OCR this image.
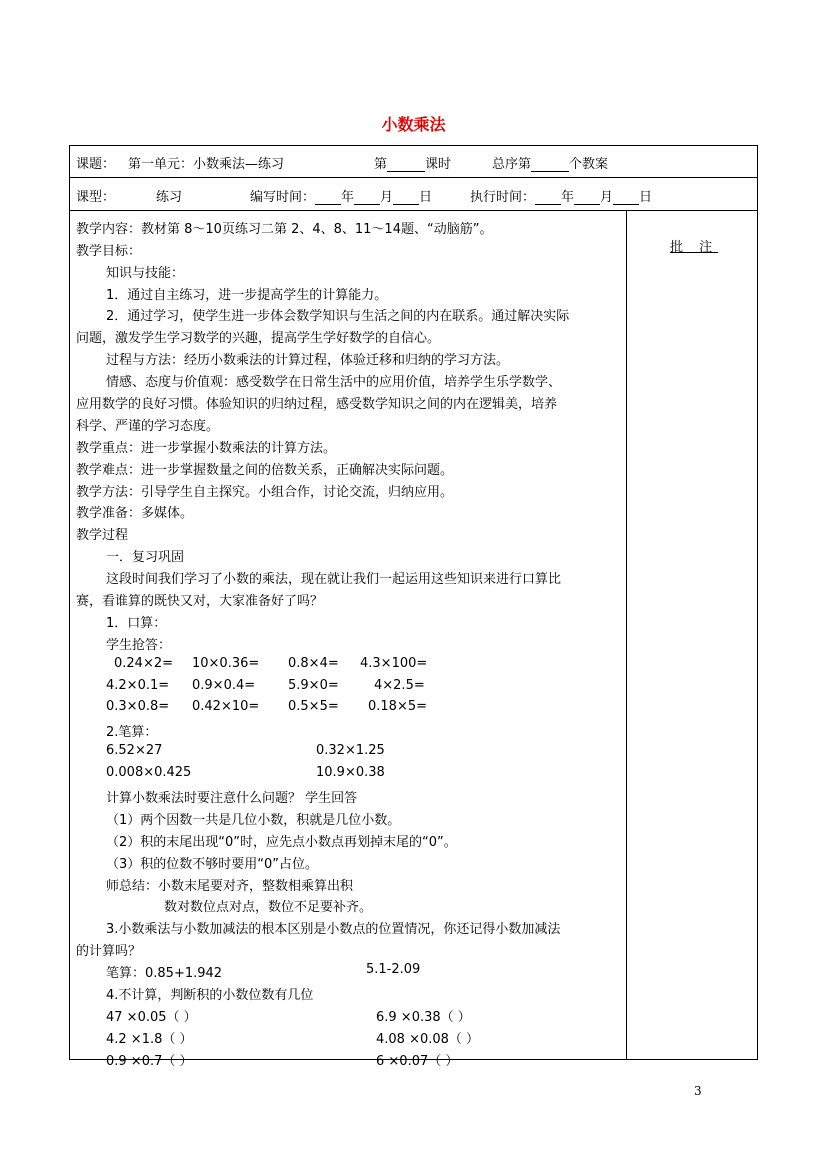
小数乘法
课题： 第一单元：小数乘法—练习	第	课时	总序第	个教案
课型：	练习	编写时间： 年 月 日	执行时间： 年 月 日
批 注
教学内容：教材第 8～10页练习二第 2、4、8、11～14题、“动脑筋”。
教学目标：
知识与技能：
1．通过自主练习，进一步提高学生的计算能力。
2．通过学习，使学生进一步体会数学知识与生活之间的内在联系。通过解决实际
问题，激发学生学习数学的兴趣，提高学生学好数学的自信心。
过程与方法：经历小数乘法的计算过程，体验迁移和归纳的学习方法。
情感、态度与价值观：感受数学在日常生活中的应用价值，培养学生乐学数学、
应用数学的良好习惯。体验知识的归纳过程，感受数学知识之间的内在逻辑美，培养
科学、严谨的学习态度。
教学重点：进一步掌握小数乘法的计算方法。
教学难点：进一步掌握数量之间的倍数关系，正确解决实际问题。
教学方法：引导学生自主探究。小组合作，讨论交流，归纳应用。
教学准备：多媒体。
教学过程
一．复习巩固
这段时间我们学习了小数的乘法，现在就让我们一起运用这些知识来进行口算比
赛，看谁算的既快又对，大家准备好了吗？
1．口算：
学生抢答：
0.24×2= 10×0.36= 0.8×4= 4.3×100=
4.2×0.1= 0.9×0.4=	5.9×0=	4×2.5=
0.3×0.8= 0.42×10= 0.5×5= 0.18×5=
2.笔算：
6.52×27	0.32×1.25
0.008×0.425	10.9×0.38
计算小数乘法时要注意什么问题？ 学生回答
（1）两个因数一共是几位小数，积就是几位小数。
（2）积的末尾出现“0”时，应先点小数点再划掉末尾的“0”。
（3）积的位数不够时要用“0”占位。
师总结：小数末尾要对齐，整数相乘算出积
数对数位点对点，数位不足要补齐。
3.小数乘法与小数加减法的根本区别是小数点的位置情况，你还记得小数加减法
的计算吗？
笔算：0.85+1.942	5.1-2.09
4.不计算，判断积的小数位数有几位
47 ×0.05（ ）	6.9 ×0.38（ ）
4.2 ×1.8（ ）	4.08 ×0.08（ ）
0.9 ×0.7（ ）	6 ×0.07（ ）
3
